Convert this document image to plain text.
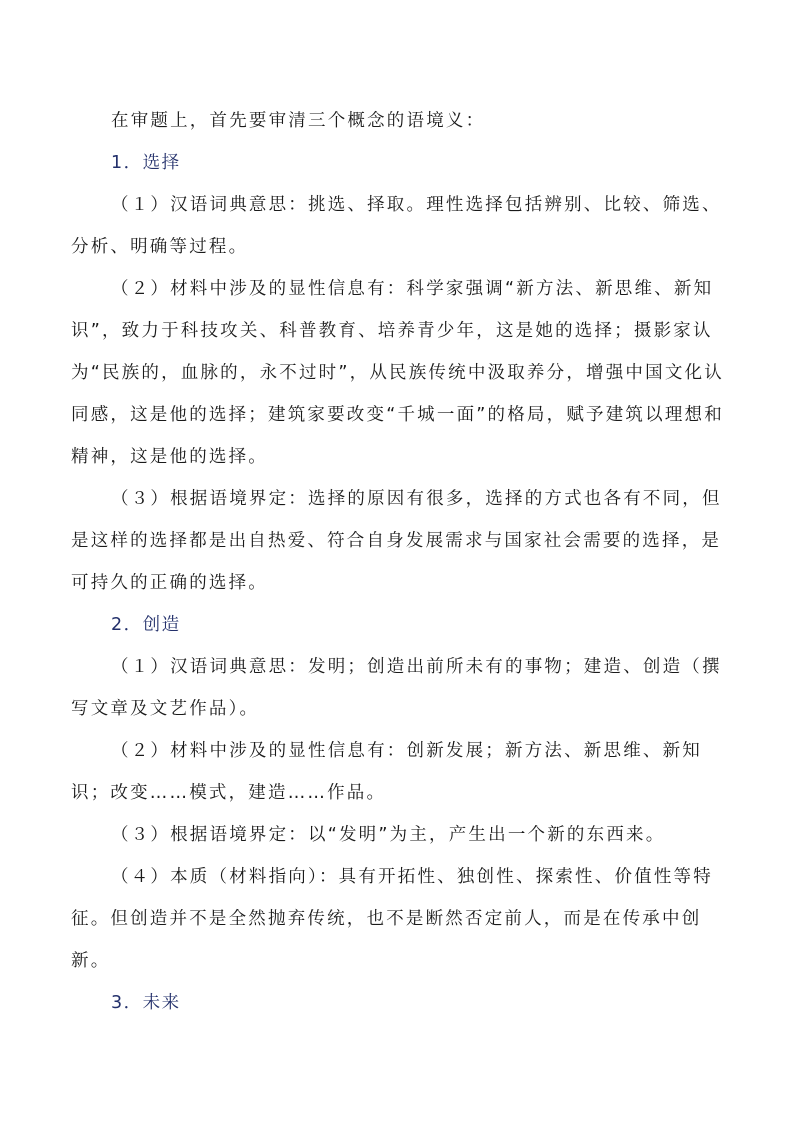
在审题上，首先要审清三个概念的语境义：

1．选择

（１）汉语词典意思：挑选、择取。理性选择包括辨别、比较、筛选、分析、明确等过程。

（２）材料中涉及的显性信息有：科学家强调“新方法、新思维、新知识”，致力于科技攻关、科普教育、培养青少年，这是她的选择；摄影家认为“民族的，血脉的，永不过时”，从民族传统中汲取养分，增强中国文化认同感，这是他的选择；建筑家要改变“千城一面”的格局，赋予建筑以理想和精神，这是他的选择。

（３）根据语境界定：选择的原因有很多，选择的方式也各有不同，但是这样的选择都是出自热爱、符合自身发展需求与国家社会需要的选择，是可持久的正确的选择。

2．创造

（１）汉语词典意思：发明；创造出前所未有的事物；建造、创造（撰写文章及文艺作品）。

（２）材料中涉及的显性信息有：创新发展；新方法、新思维、新知识；改变……模式，建造……作品。

（３）根据语境界定：以“发明”为主，产生出一个新的东西来。

（４）本质（材料指向）：具有开拓性、独创性、探索性、价值性等特征。但创造并不是全然抛弃传统，也不是断然否定前人，而是在传承中创新。

3．未来
